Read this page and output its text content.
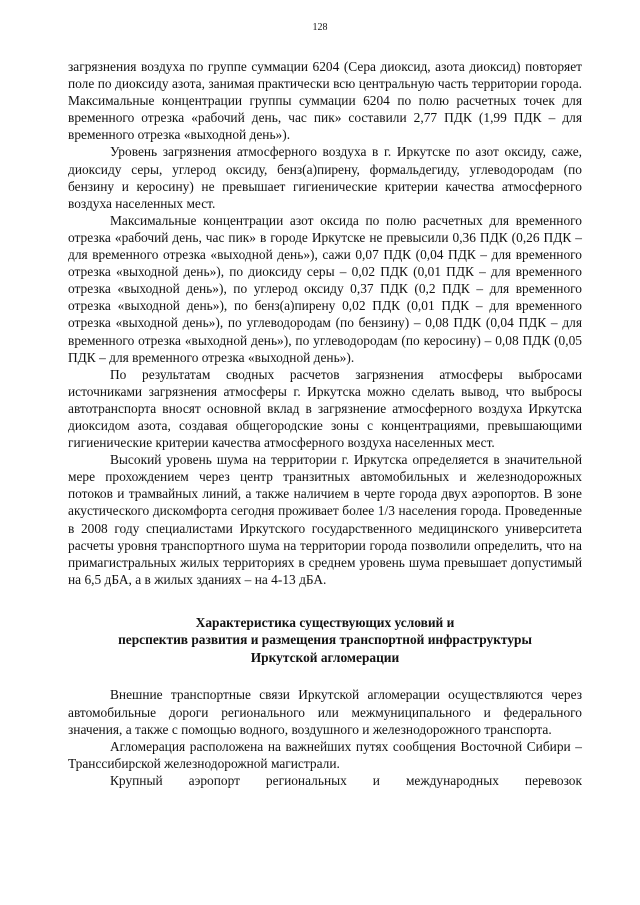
128

загрязнения воздуха по группе суммации 6204 (Сера диоксид, азота диоксид) повторяет поле по диоксиду азота, занимая практически всю центральную часть территории города. Максимальные концентрации группы суммации 6204 по полю расчетных точек для временного отрезка «рабочий день, час пик» составили 2,77 ПДК (1,99 ПДК – для временного отрезка «выходной день»).

Уровень загрязнения атмосферного воздуха в г. Иркутске по азот оксиду, саже, диоксиду серы, углерод оксиду, бенз(а)пирену, формальдегиду, углеводородам (по бензину и керосину) не превышает гигиенические критерии качества атмосферного воздуха населенных мест.

Максимальные концентрации азот оксида по полю расчетных для временного отрезка «рабочий день, час пик» в городе Иркутске не превысили 0,36 ПДК (0,26 ПДК – для временного отрезка «выходной день»), сажи 0,07 ПДК (0,04 ПДК – для временного отрезка «выходной день»), по диоксиду серы – 0,02 ПДК (0,01 ПДК – для временного отрезка «выходной день»), по углерод оксиду 0,37 ПДК (0,2 ПДК – для временного отрезка «выходной день»), по бенз(а)пирену 0,02 ПДК (0,01 ПДК – для временного отрезка «выходной день»), по углеводородам (по бензину) – 0,08 ПДК (0,04 ПДК – для временного отрезка «выходной день»), по углеводородам (по керосину) – 0,08 ПДК (0,05 ПДК – для временного отрезка «выходной день»).

По результатам сводных расчетов загрязнения атмосферы выбросами источниками загрязнения атмосферы г. Иркутска можно сделать вывод, что выбросы автотранспорта вносят основной вклад в загрязнение атмосферного воздуха Иркутска диоксидом азота, создавая общегородские зоны с концентрациями, превышающими гигиенические критерии качества атмосферного воздуха населенных мест.

Высокий уровень шума на территории г. Иркутска определяется в значительной мере прохождением через центр транзитных автомобильных и железнодорожных потоков и трамвайных линий, а также наличием в черте города двух аэропортов. В зоне акустического дискомфорта сегодня проживает более 1/3 населения города. Проведенные в 2008 году специалистами Иркутского государственного медицинского университета расчеты уровня транспортного шума на территории города позволили определить, что на примагистральных жилых территориях в среднем уровень шума превышает допустимый на 6,5 дБА, а в жилых зданиях – на 4-13 дБА.

Характеристика существующих условий и
перспектив развития и размещения транспортной инфраструктуры
Иркутской агломерации

Внешние транспортные связи Иркутской агломерации осуществляются через автомобильные дороги регионального или межмуниципального и федерального значения, а также с помощью водного, воздушного и железнодорожного транспорта.

Агломерация расположена на важнейших путях сообщения Восточной Сибири – Транссибирской железнодорожной магистрали.

Крупный аэропорт региональных и международных перевозок
